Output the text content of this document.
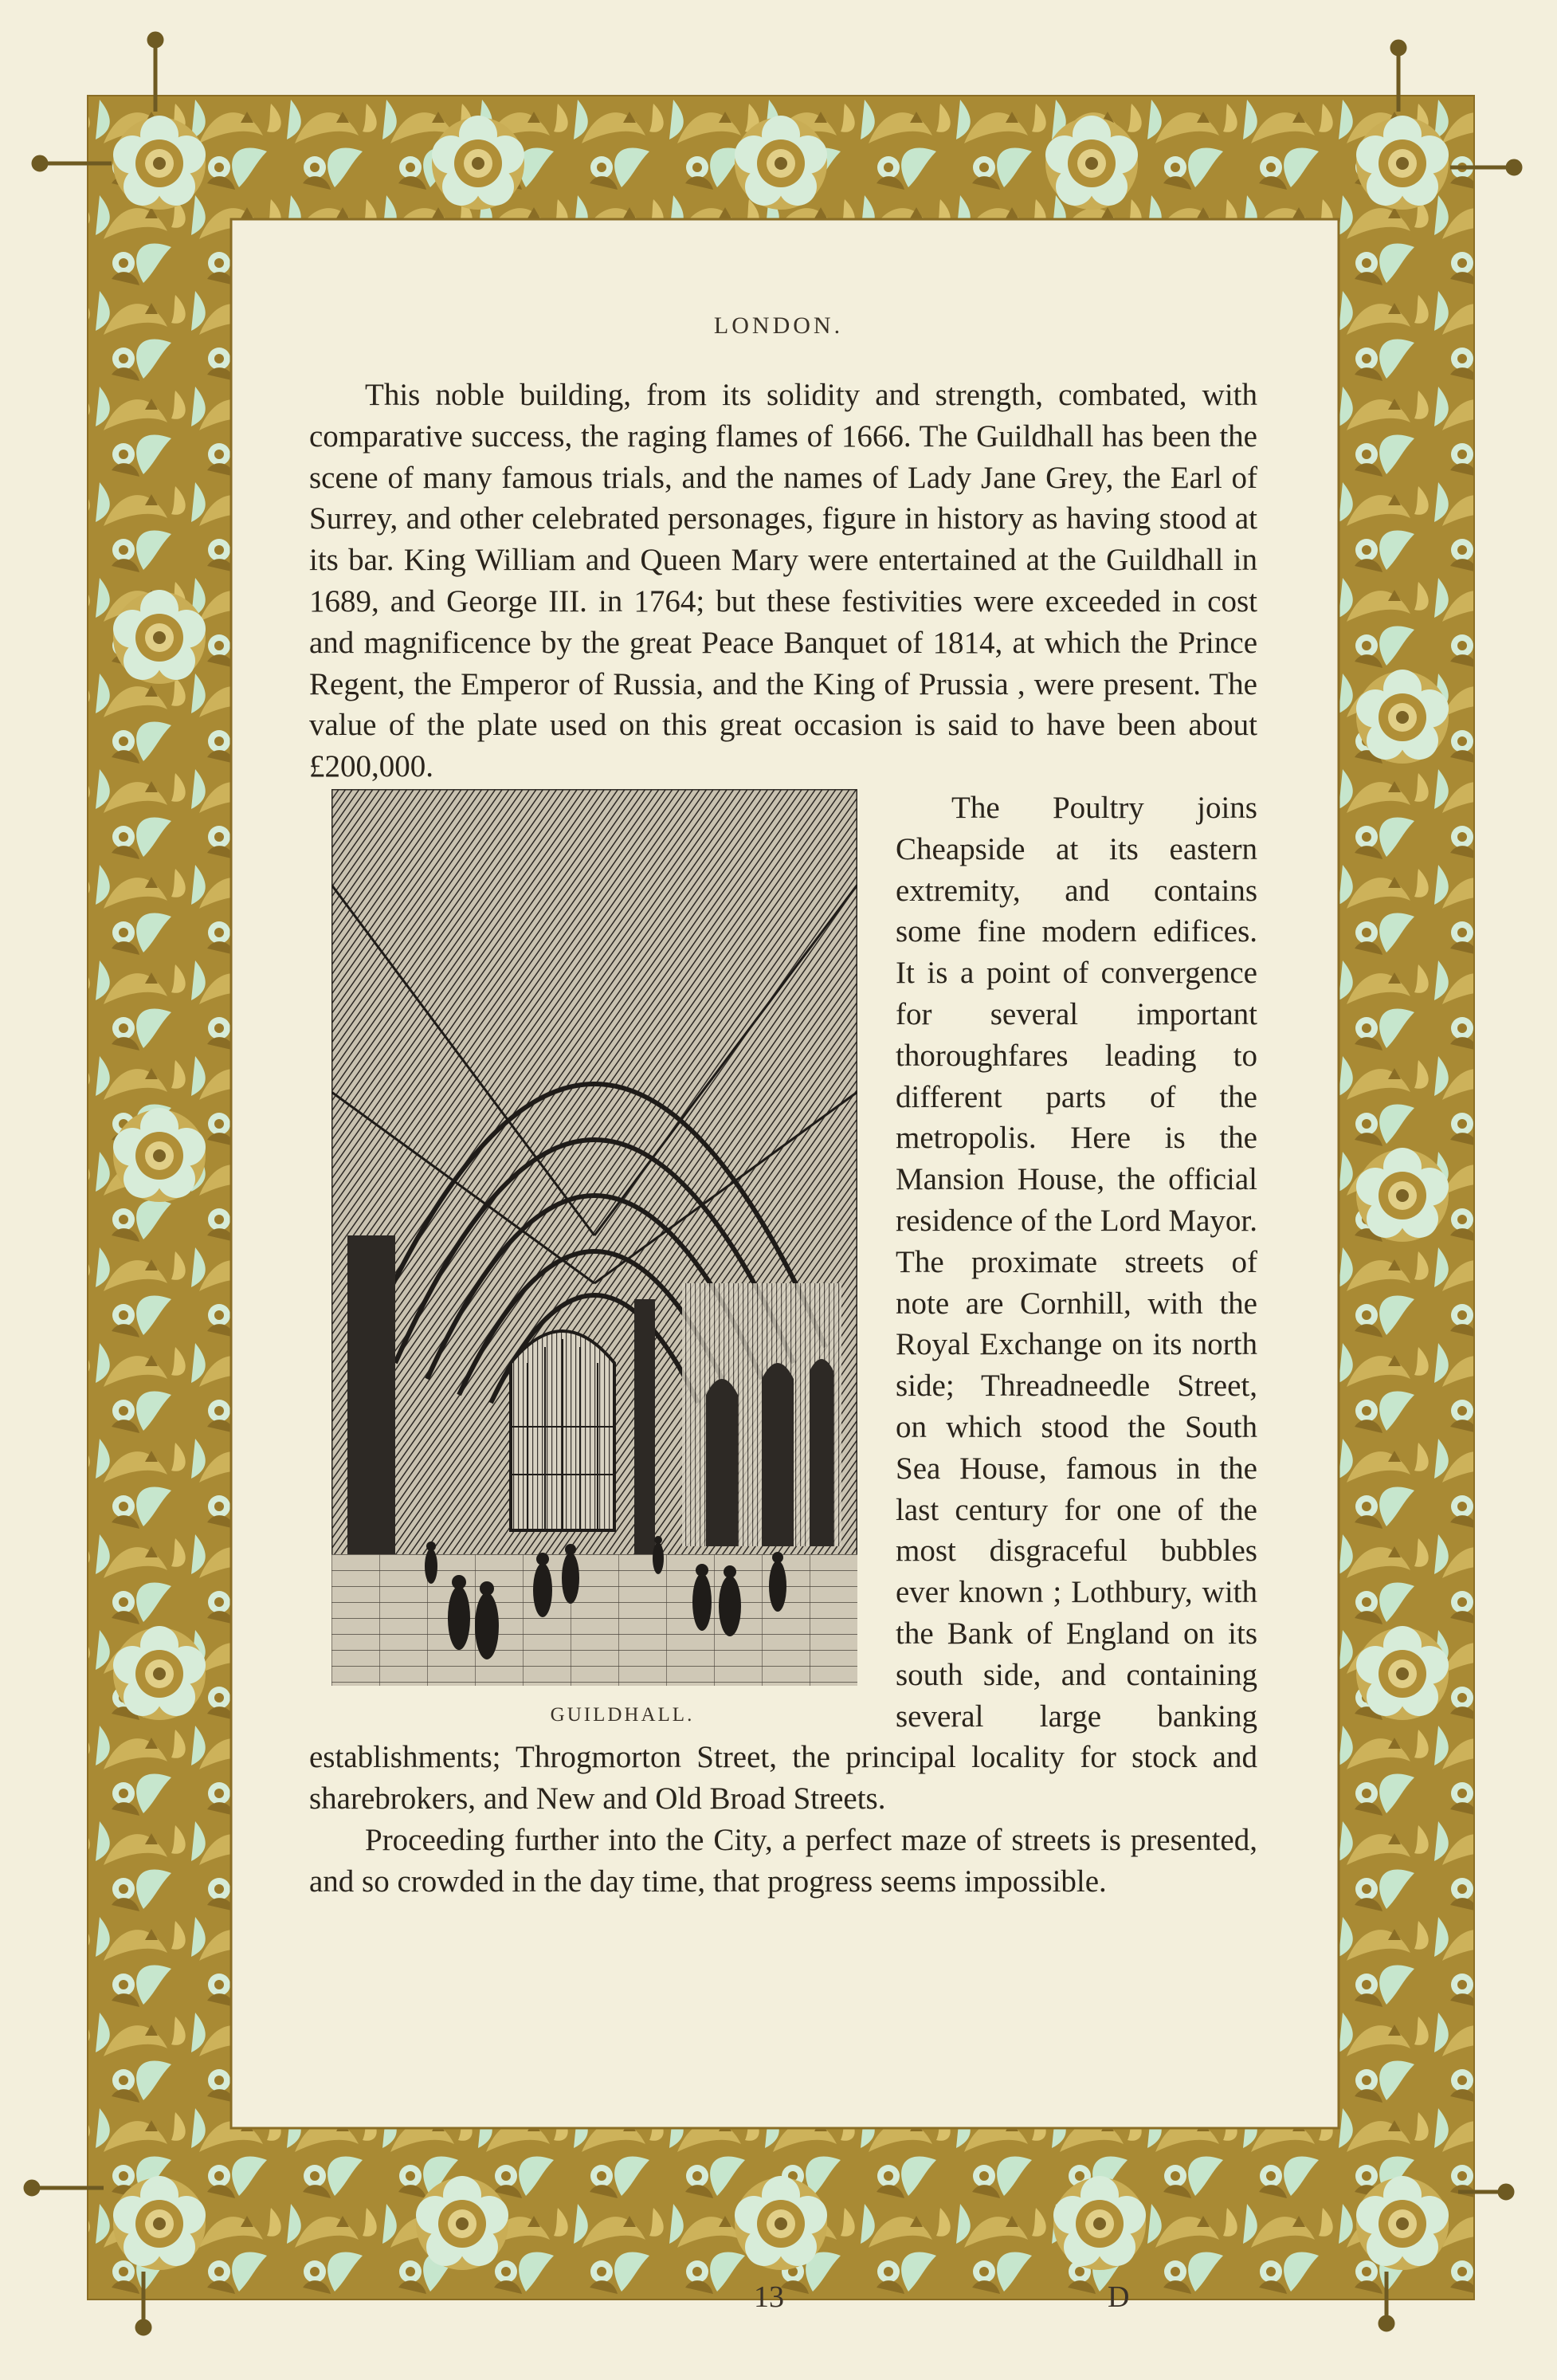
LONDON.

This noble building, from its solidity and strength, combated, with comparative success, the raging flames of 1666. The Guildhall has been the scene of many famous trials, and the names of Lady Jane Grey, the Earl of Surrey, and other celebrated personages, figure in history as having stood at its bar. King William and Queen Mary were entertained at the Guildhall in 1689, and George III. in 1764; but these festivities were exceeded in cost and magnificence by the great Peace Banquet of 1814, at which the Prince Regent, the Emperor of Russia, and the King of Prussia , were present. The value of the plate used on this great occasion is said to have been about £200,000.

GUILDHALL.
The Poultry joins Cheapside at its eastern extremity, and contains some fine modern edifices. It is a point of convergence for several important thoroughfares leading to different parts of the metropolis. Here is the Mansion House, the official residence of the Lord Mayor. The proximate streets of note are Cornhill, with the Royal Exchange on its north side; Threadneedle Street, on which stood the South Sea House, famous in the last century for one of the most disgraceful bubbles ever known ; Lothbury, with the Bank of England on its south side, and containing several large banking establishments; Throgmorton Street, the principal locality for stock and sharebrokers, and New and Old Broad Streets.

Proceeding further into the City, a perfect maze of streets is presented, and so crowded in the day time, that progress seems impossible.

13	D
